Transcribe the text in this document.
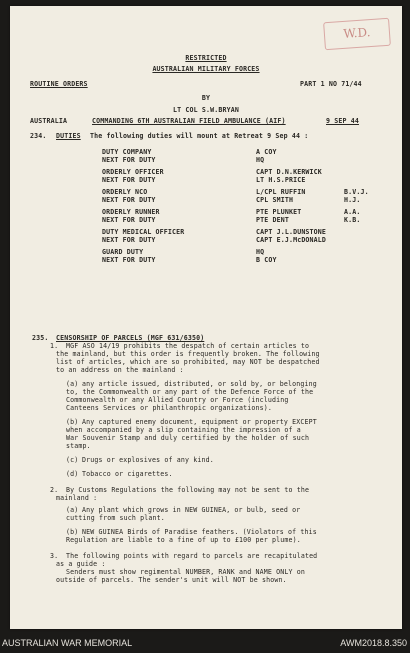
W.D.
RESTRICTED
AUSTRALIAN MILITARY FORCES
ROUTINE ORDERS	PART 1 NO 71/44
BY
LT COL S.W.BRYAN
AUSTRALIA	COMMANDING 6TH AUSTRALIAN FIELD AMBULANCE (AIF)	9 SEP 44
234. DUTIES The following duties will mount at Retreat 9 Sep 44 :
235. CENSORSHIP OF PARCELS (MGF 631/6350)
DUTY COMPANY	A COY
NEXT FOR DUTY	HQ
ORDERLY OFFICER	CAPT D.N.KERWICK
NEXT FOR DUTY	LT H.S.PRICE
ORDERLY NCO	L/CPL RUFFIN	B.V.J.
NEXT FOR DUTY	CPL SMITH	H.J.
ORDERLY RUNNER	PTE PLUNKET	A.A.
NEXT FOR DUTY	PTE DENT	K.B.
DUTY MEDICAL OFFICER	CAPT J.L.DUNSTONE
NEXT FOR DUTY	CAPT E.J.McDONALD
GUARD DUTY	HQ
NEXT FOR DUTY	B COY
1. MGF ASO 14/19 prohibits the despatch of certain articles to
the mainland, but this order is frequently broken. The following
list of articles, which are so prohibited, may NOT be despatched
to an address on the mainland :
(a) any article issued, distributed, or sold by, or belonging
to, the Commonwealth or any part of the Defence Force of the
Commonwealth or any Allied Country or Force (including
Canteens Services or philanthropic organizations).
(b) Any captured enemy document, equipment or property EXCEPT
when accompanied by a slip containing the impression of a
War Souvenir Stamp and duly certified by the holder of such
stamp.
(c) Drugs or explosives of any kind.
(d) Tobacco or cigarettes.
2. By Customs Regulations the following may not be sent to the
mainland :
(a) Any plant which grows in NEW GUINEA, or bulb, seed or
cutting from such plant.
(b) NEW GUINEA Birds of Paradise feathers. (Violators of this
Regulation are liable to a fine of up to £100 per plume).
3. The following points with regard to parcels are recapitulated
as a guide :
Senders must show regimental NUMBER, RANK and NAME ONLY on
outside of parcels. The sender's unit will NOT be shown.
AUSTRALIAN WAR MEMORIAL	AWM2018.8.350
